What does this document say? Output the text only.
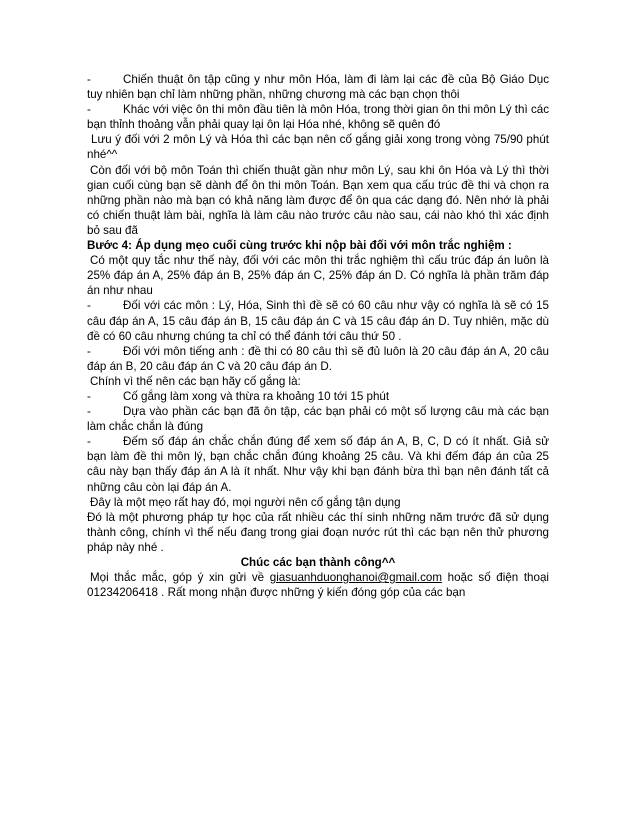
-	Chiến thuật ôn tập cũng y như môn Hóa, làm đi làm lại các đề của Bộ Giáo Dục tuy nhiên bạn chỉ làm những phần, những chương mà các bạn chọn thôi

-	Khác với việc ôn thi môn đầu tiên là môn Hóa, trong thời gian ôn thi môn Lý thì các bạn thỉnh thoảng vẫn phải quay lại ôn lại Hóa nhé, không sẽ quên đó

Lưu ý đối với 2 môn Lý và Hóa thì các bạn nên cố gắng giải xong trong vòng 75/90 phút nhé^^

Còn đối với bộ môn Toán thì chiến thuật gần như môn Lý, sau khi ôn Hóa và Lý thì thời gian cuối cùng bạn sẽ dành để ôn thi môn Toán. Bạn xem qua cấu trúc đề thi và chọn ra những phần nào mà bạn có khả năng làm được để ôn qua các dạng đó. Nên nhớ là phải có chiến thuật làm bài, nghĩa là làm câu nào trước câu nào sau, cái nào khó thì xác định bỏ sau đã

Bước 4: Áp dụng mẹo cuối cùng trước khi nộp bài đối với môn trắc nghiệm :

Có một quy tắc như thế này, đối với các môn thi trắc nghiệm thì cấu trúc đáp án luôn là 25% đáp án A, 25% đáp án B, 25% đáp án C, 25% đáp án D. Có nghĩa là phần trăm đáp án như nhau

-	Đối với các môn : Lý, Hóa, Sinh thì đề sẽ có 60 câu như vậy có nghĩa là sẽ có 15 câu đáp án A, 15 câu đáp án B, 15 câu đáp án C và 15 câu đáp án D. Tuy nhiên, mặc dù đề có 60 câu nhưng chúng ta chỉ có thể đánh tới câu thứ 50 .

-	Đối với môn tiếng anh : đề thi có 80 câu thì sẽ đủ luôn là 20 câu đáp án A, 20 câu đáp án B, 20 câu đáp án C và 20 câu đáp án D.

Chính vì thế nên các bạn hãy cố gắng là:

-	Cố gắng làm xong và thừa ra khoảng 10 tới 15 phút

-	Dựa vào phần các bạn đã ôn tập, các bạn phải có một số lượng câu mà các bạn làm chắc chắn là đúng

-	Đếm số đáp án chắc chắn đúng để xem số đáp án A, B, C, D có ít nhất. Giả sử bạn làm đề thi môn lý, bạn chắc chắn đúng khoảng 25 câu. Và khi đếm đáp án của 25 câu này bạn thấy đáp án A là ít nhất. Như vậy khi bạn đánh bừa thì bạn nên đánh tất cả những câu còn lại đáp án A.

Đây là một mẹo rất hay đó, mọi người nên cố gắng tận dụng

Đó là một phương pháp tự học của rất nhiều các thí sinh những năm trước đã sử dụng thành công, chính vì thế nếu đang trong giai đoạn nước rút thì các bạn nên thử phương pháp này nhé .

Chúc các bạn thành công^^

Mọi thắc mắc, góp ý xin gửi về giasuanhduonghanoi@gmail.com hoặc số điện thoại 01234206418 . Rất mong nhận được những ý kiến đóng góp của các bạn
